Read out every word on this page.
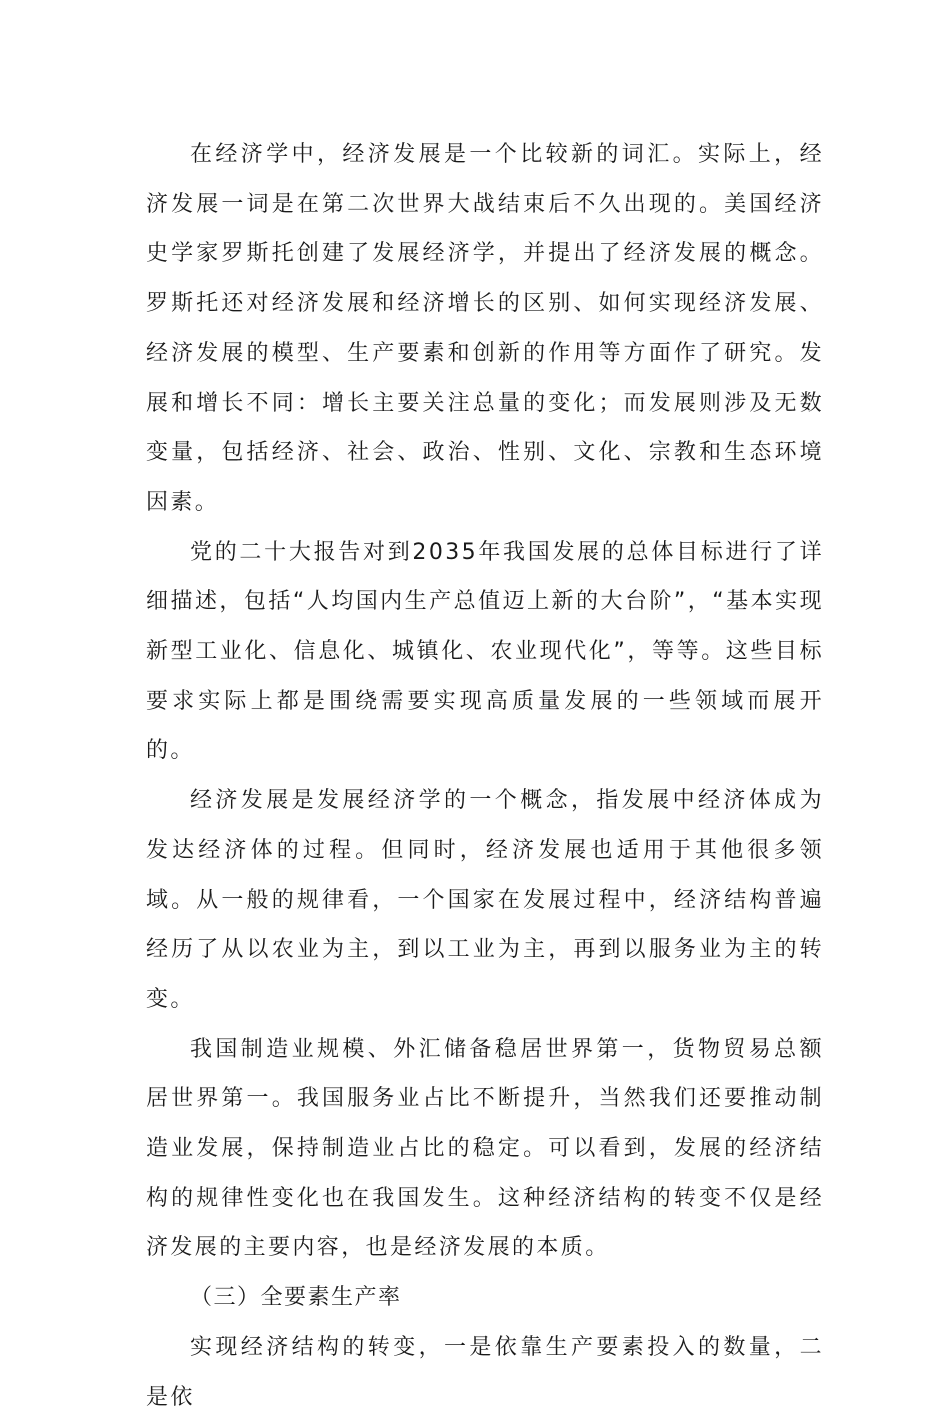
在经济学中，经济发展是一个比较新的词汇。实际上，经济发展一词是在第二次世界大战结束后不久出现的。美国经济史学家罗斯托创建了发展经济学，并提出了经济发展的概念。罗斯托还对经济发展和经济增长的区别、如何实现经济发展、经济发展的模型、生产要素和创新的作用等方面作了研究。发展和增长不同：增长主要关注总量的变化；而发展则涉及无数变量，包括经济、社会、政治、性别、文化、宗教和生态环境因素。

党的二十大报告对到2035年我国发展的总体目标进行了详细描述，包括“人均国内生产总值迈上新的大台阶”，“基本实现新型工业化、信息化、城镇化、农业现代化”，等等。这些目标要求实际上都是围绕需要实现高质量发展的一些领域而展开的。

经济发展是发展经济学的一个概念，指发展中经济体成为发达经济体的过程。但同时，经济发展也适用于其他很多领域。从一般的规律看，一个国家在发展过程中，经济结构普遍经历了从以农业为主，到以工业为主，再到以服务业为主的转变。

我国制造业规模、外汇储备稳居世界第一，货物贸易总额居世界第一。我国服务业占比不断提升，当然我们还要推动制造业发展，保持制造业占比的稳定。可以看到，发展的经济结构的规律性变化也在我国发生。这种经济结构的转变不仅是经济发展的主要内容，也是经济发展的本质。

（三）全要素生产率

实现经济结构的转变，一是依靠生产要素投入的数量，二是依
